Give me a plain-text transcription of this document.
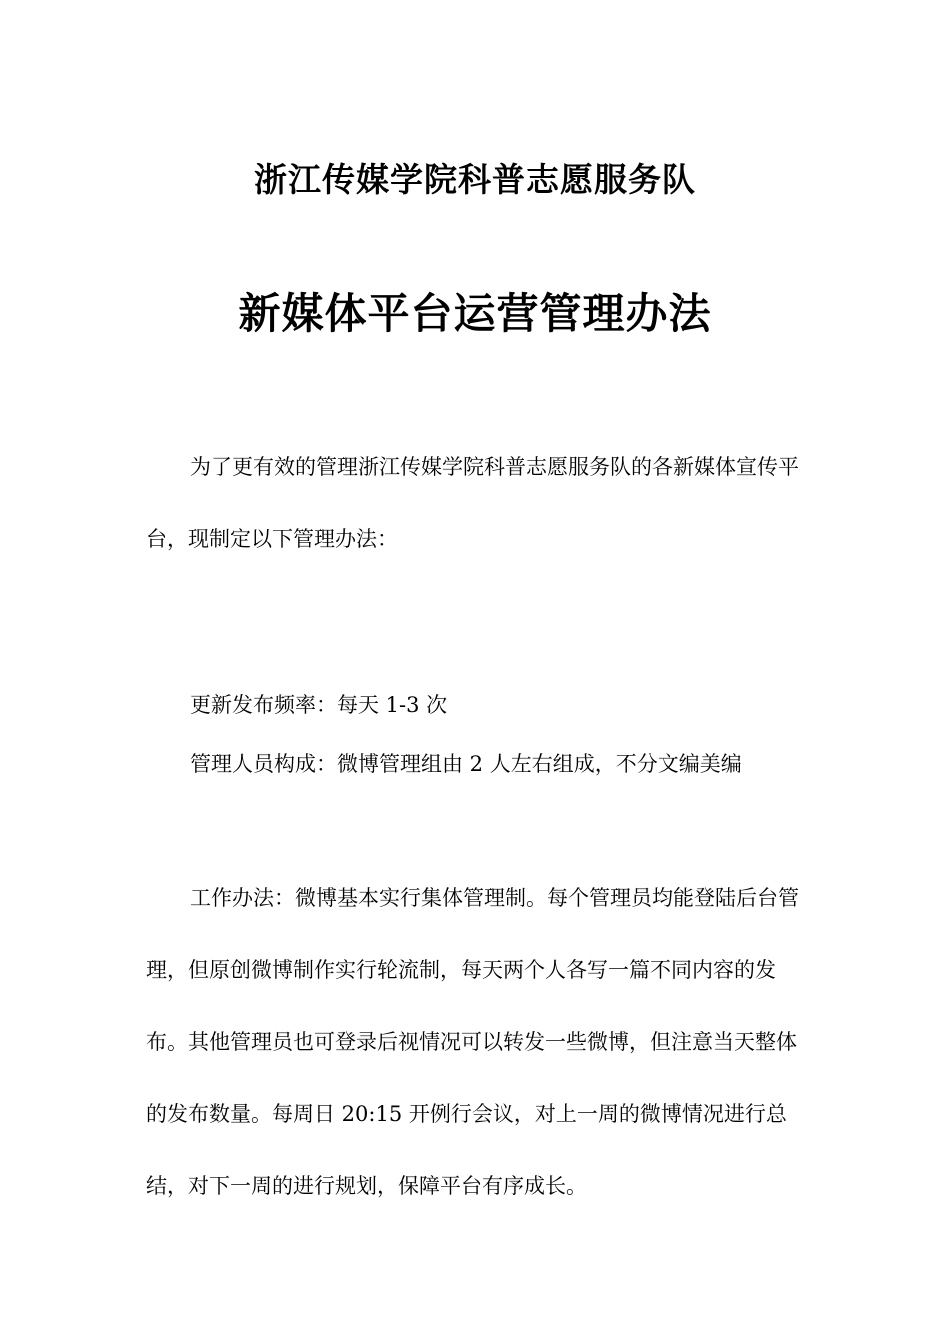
浙江传媒学院科普志愿服务队
新媒体平台运营管理办法

为了更有效的管理浙江传媒学院科普志愿服务队的各新媒体宣传平台，现制定以下管理办法：

更新发布频率：每天 1-3 次

管理人员构成：微博管理组由 2 人左右组成，不分文编美编

工作办法：微博基本实行集体管理制。每个管理员均能登陆后台管理，但原创微博制作实行轮流制，每天两个人各写一篇不同内容的发布。其他管理员也可登录后视情况可以转发一些微博，但注意当天整体的发布数量。每周日 20:15 开例行会议，对上一周的微博情况进行总结，对下一周的进行规划，保障平台有序成长。
